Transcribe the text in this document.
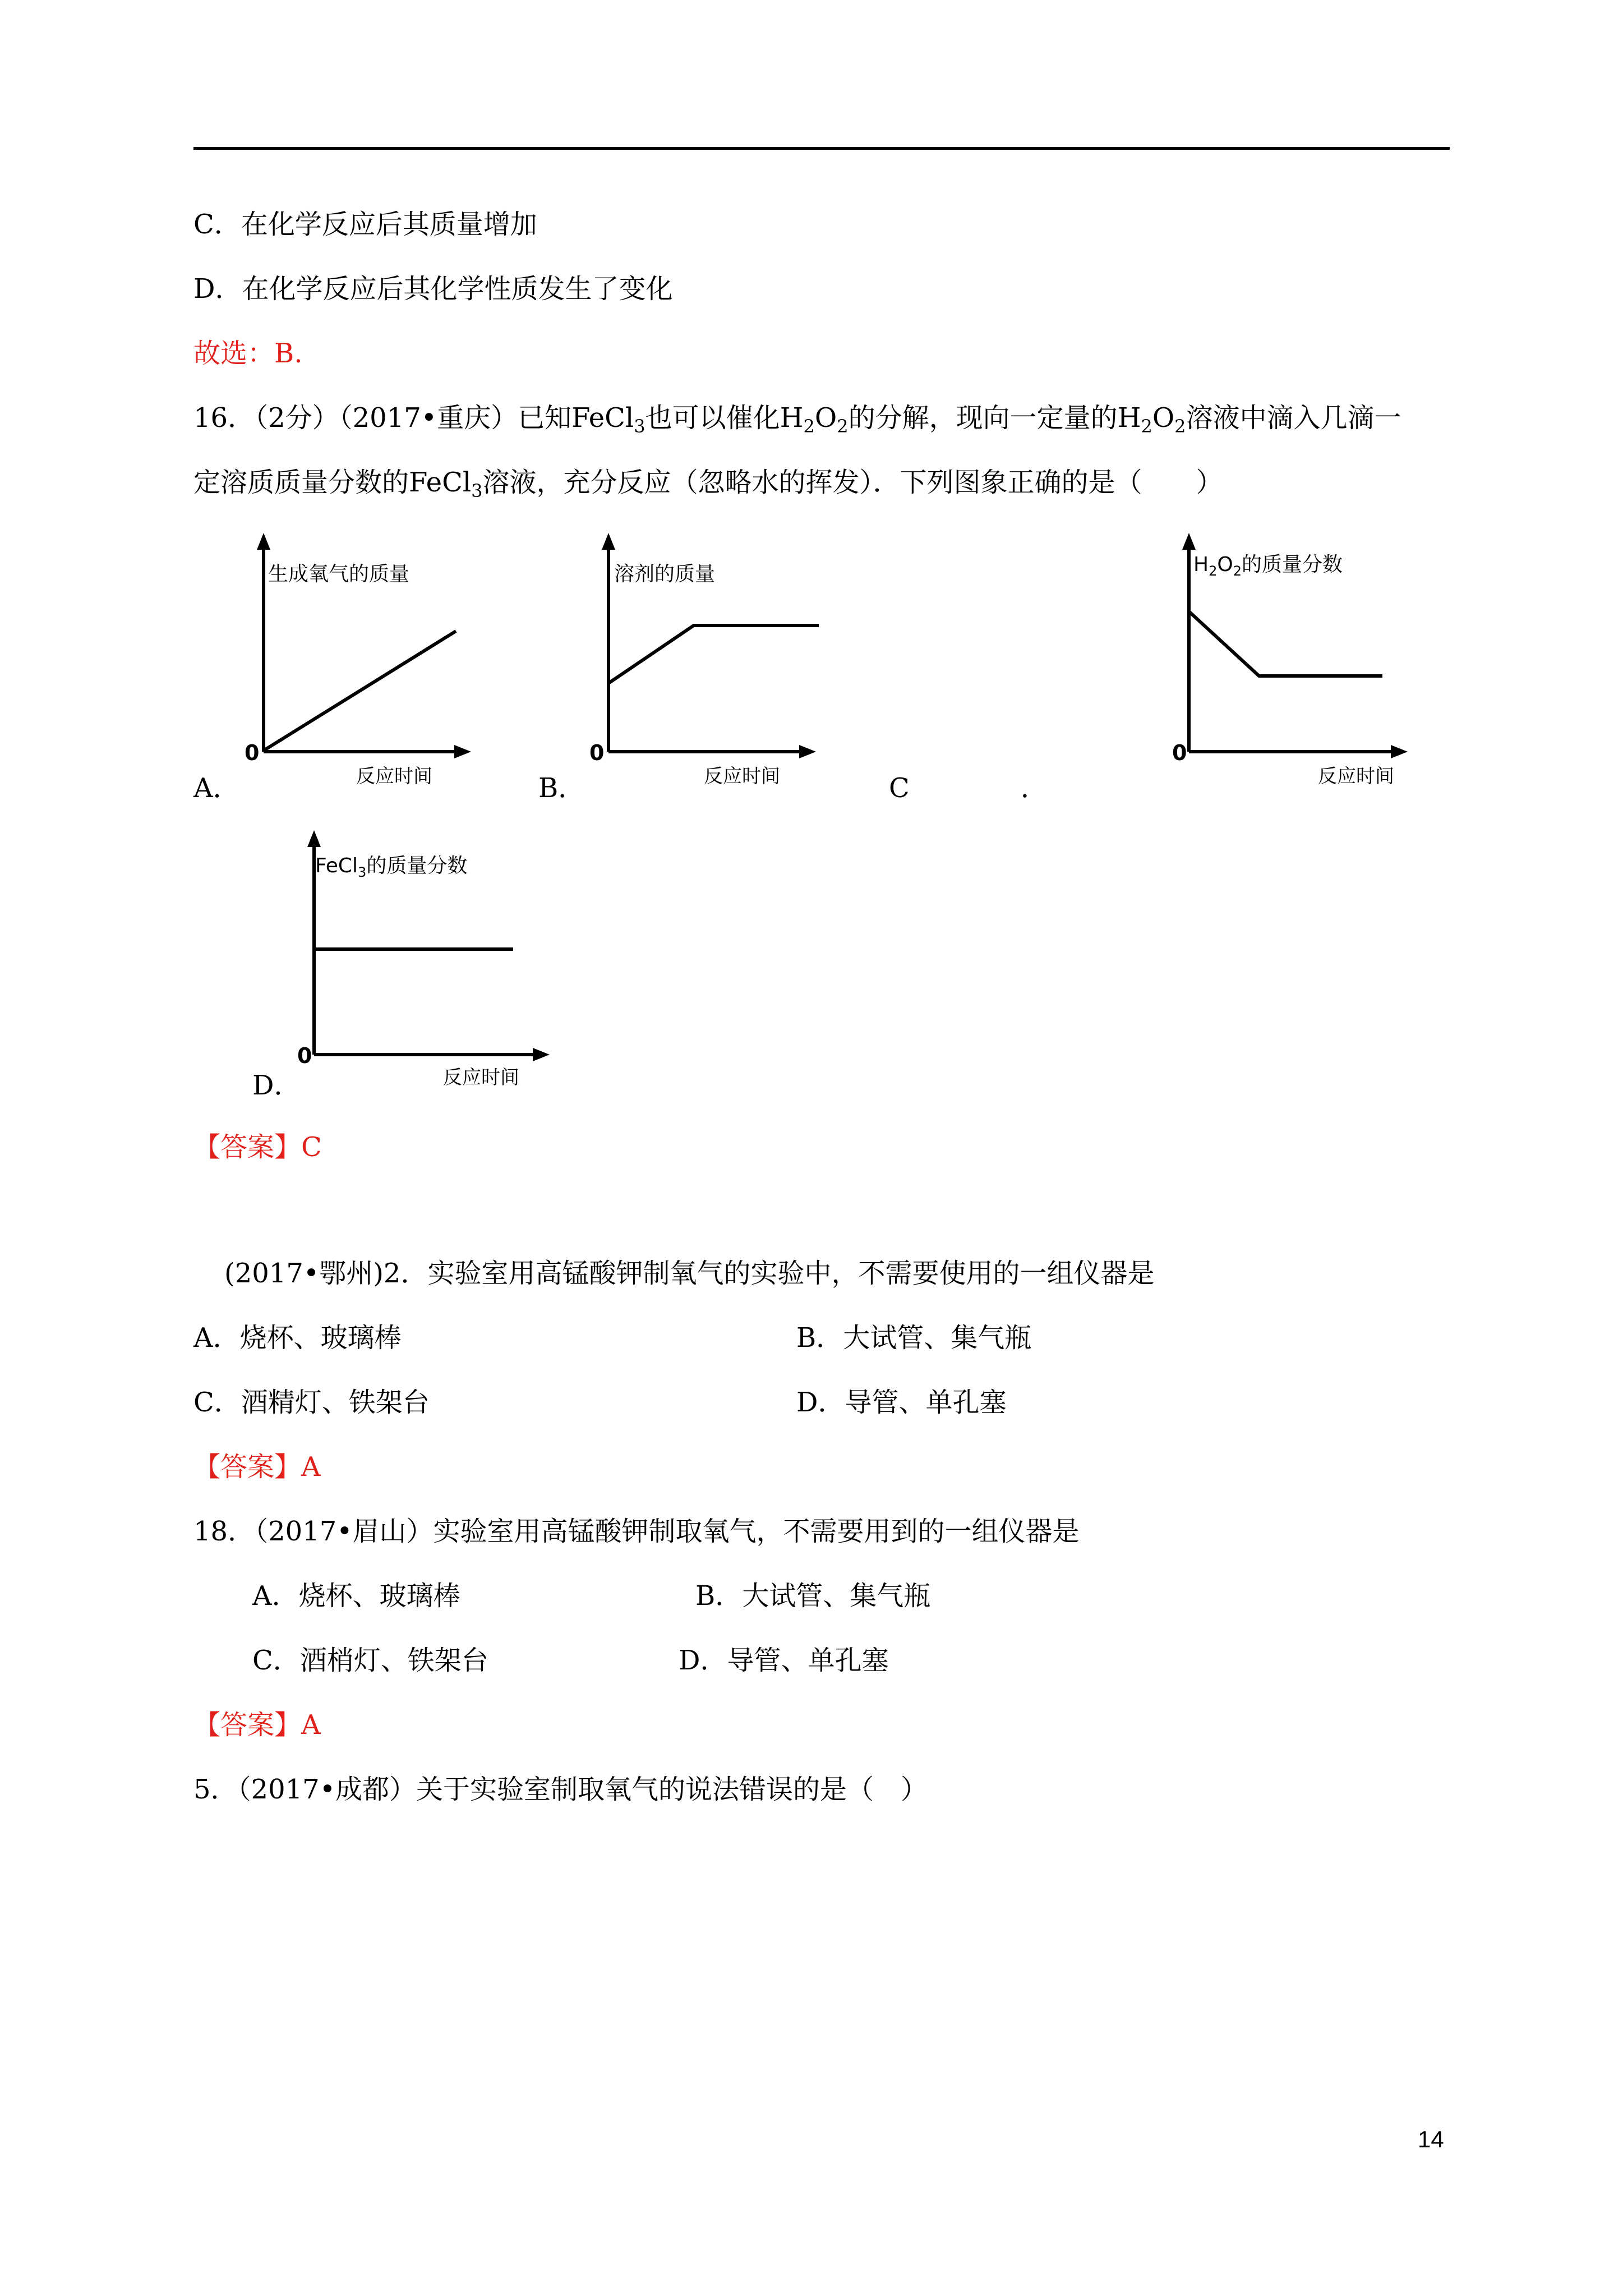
C．在化学反应后其质量增加
D．在化学反应后其化学性质发生了变化
故选：B.
16．（2分）（2017•重庆）已知FeCl$_3$也可以催化$H_2O_2$的分解，现向一定量的$H_2O_2$溶液中滴入几滴一
定溶质质量分数的FeCl$_3$溶液，充分反应（忽略水的挥发）．下列图象正确的是（　　）
生成氧气的质量
0
反应时间
A．
溶剂的质量
0
反应时间
B．	C	．
$H_2O_2$的质量分数
0
反应时间
FeCl$_3$的质量分数
0
反应时间
D．
【答案】C
(2017•鄂州)2．实验室用高锰酸钾制氧气的实验中，不需要使用的一组仪器是
A．烧杯、玻璃棒	B．大试管、集气瓶
C．酒精灯、铁架台	D．导管、单孔塞
【答案】A
18．（2017•眉山）实验室用高锰酸钾制取氧气，不需要用到的一组仪器是
A．烧杯、玻璃棒	B．大试管、集气瓶
C．酒梢灯、铁架台	D．导管、单孔塞
【答案】A
5．（2017•成都）关于实验室制取氧气的说法错误的是（　）
14
